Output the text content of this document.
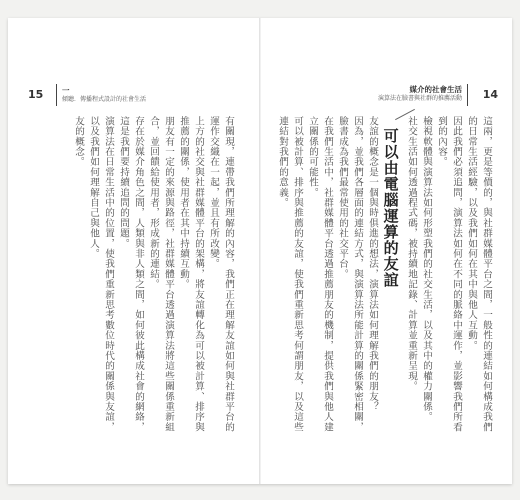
15 一
傾聽．傳播程式設計的社會生活
有關現，連帶我們所理解的內容，我們正在理解友誼如何與社群平台的運作交織在一起，並且有所改變。
上方的社交與社群媒體平台的架構，將友誼轉化為可以被計算、排序與推薦的關係，使用者在其中持續互動。
朋友有一定的來源與路徑，社群媒體平台透過演算法將這些關係重新組合，並回饋給使用者，形成新的連結。
存在於媒介角色之間，人類與非人類之間，如何彼此構成社會的網絡，這是我們要持續追問的問題。
演算法在日常生活中的位置，使我們重新思考數位時代的關係與友誼，以及我們如何理解自己與他人。
友的概念。
14
媒介的社會生活
演算法在臉書與社群的推薦活動
這兩，更是等價的，與社群媒體平台之間，一般性的連結如何構成我們的日常生活經驗，以及我們如何在其中與他人互動。
因此我們必須追問，演算法如何在不同的脈絡中運作，並影響我們所看到的內容。
檢視軟體與演算法如何形塑我們的社交生活，以及其中的權力關係。
社交生活如何透過程式碼，被持續地記錄、計算並重新呈現。
可以由電腦運算的友誼
友誼的概念是一個與時俱進的想法，演算法如何理解我們的朋友？
因為，並我們各層面的連結方式，與演算法所能計算的關係緊密相關，臉書成為我們最常使用的社交平台。
在我們生活中，社群媒體平台透過推薦朋友的機制，提供我們與他人建立關係的可能性。
可以被計算、排序與推薦的友誼，使我們重新思考何謂朋友，以及這些連結對我們的意義。
